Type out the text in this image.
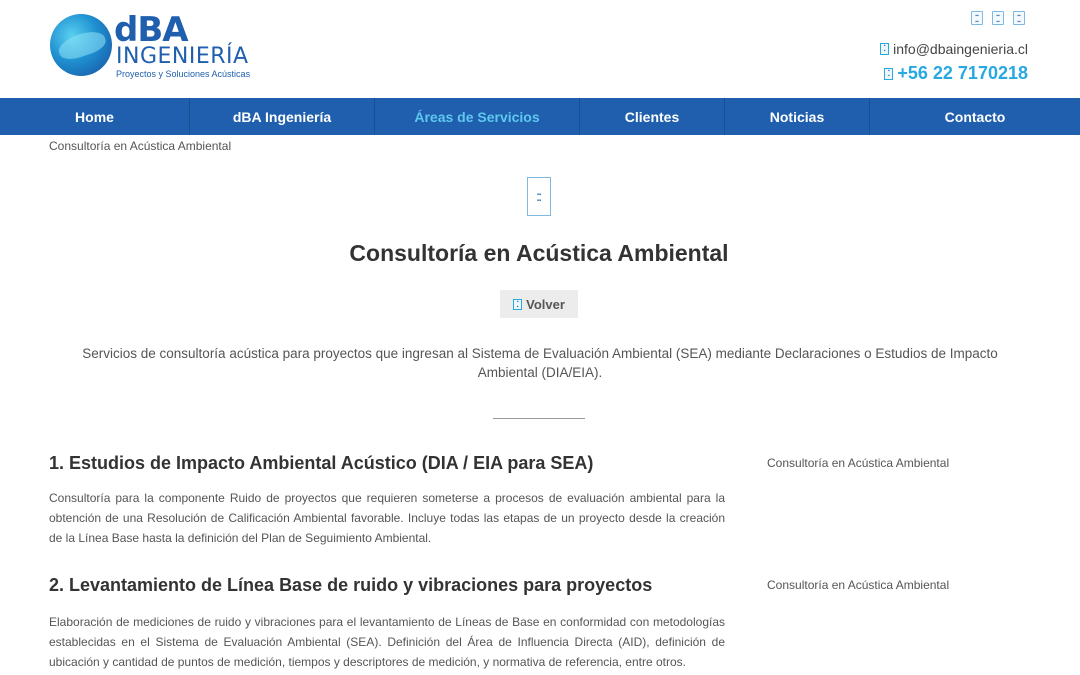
dBA
INGENIERÍA
Proyectos y Soluciones Acústicas
▪▪
▪▪
▪▪
▪▪
▪▪
▪▪
▪
▪ info@dbaingenieria.cl
▪
▪ +56 22 7170218
Home	dBA Ingeniería	Áreas de Servicios	Clientes	Noticias	Contacto
Consultoría en Acústica Ambiental
▪▪
▪▪
Consultoría en Acústica Ambiental
▪
▪ Volver

Servicios de consultoría acústica para proyectos que ingresan al Sistema de Evaluación Ambiental (SEA) mediante Declaraciones o Estudios de Impacto Ambiental (DIA/EIA).

1. Estudios de Impacto Ambiental Acústico (DIA / EIA para SEA)

Consultoría para la componente Ruido de proyectos que requieren someterse a procesos de evaluación ambiental para la obtención de una Resolución de Calificación Ambiental favorable. Incluye todas las etapas de un proyecto desde la creación de la Línea Base hasta la definición del Plan de Seguimiento Ambiental.

Consultoría en Acústica Ambiental
2. Levantamiento de Línea Base de ruido y vibraciones para proyectos

Elaboración de mediciones de ruido y vibraciones para el levantamiento de Líneas de Base en conformidad con metodologías establecidas en el Sistema de Evaluación Ambiental (SEA). Definición del Área de Influencia Directa (AID), definición de ubicación y cantidad de puntos de medición, tiempos y descriptores de medición, y normativa de referencia, entre otros.

Consultoría en Acústica Ambiental
